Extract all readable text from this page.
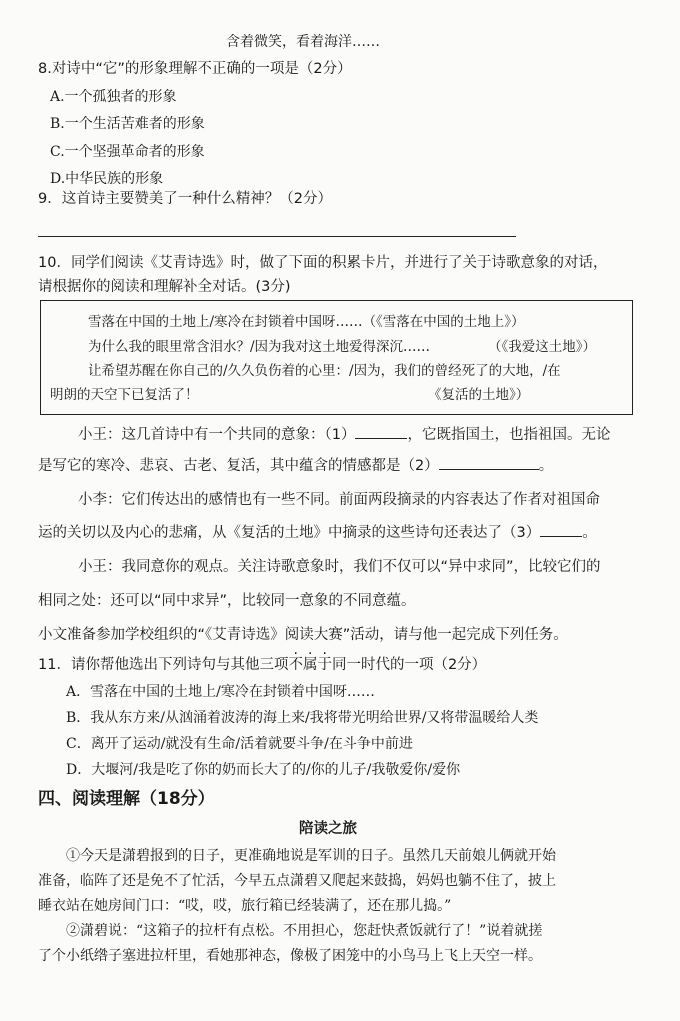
含着微笑，看着海洋……
8.对诗中“它”的形象理解不正确的一项是（2分）
A.一个孤独者的形象
B.一个生活苦难者的形象
C.一个坚强革命者的形象
D.中华民族的形象
9．这首诗主要赞美了一种什么精神？（2分）
10．同学们阅读《艾青诗选》时，做了下面的积累卡片，并进行了关于诗歌意象的对话，
请根据你的阅读和理解补全对话。(3分)
雪落在中国的土地上/寒冷在封锁着中国呀……（《雪落在中国的土地上》）
为什么我的眼里常含泪水？/因为我对这土地爱得深沉……	（《我爱这土地》）
让希望苏醒在你自己的/久久负伤着的心里：/因为，我们的曾经死了的大地，/在
明朗的天空下已复活了！	《复活的土地》）
小王：这几首诗中有一个共同的意象：（1）	，它既指国土，也指祖国。无论
是写它的寒冷、悲哀、古老、复活，其中蕴含的情感都是（2）	。
小李：它们传达出的感情也有一些不同。前面两段摘录的内容表达了作者对祖国命
运的关切以及内心的悲痛，从《复活的土地》中摘录的这些诗句还表达了（3）	。
小王：我同意你的观点。关注诗歌意象时，我们不仅可以“异中求同”，比较它们的
相同之处：还可以“同中求异”，比较同一意象的不同意蕴。
小文准备参加学校组织的“《艾青诗选》阅读大赛”活动，请与他一起完成下列任务。
11．请你帮他选出下列诗句与其他三项不属于同一时代的一项（2分）
A．雪落在中国的土地上/寒冷在封锁着中国呀……
B．我从东方来/从汹涌着波涛的海上来/我将带光明给世界/又将带温暖给人类
C．离开了运动/就没有生命/活着就要斗争/在斗争中前进
D．大堰河/我是吃了你的奶而长大了的/你的儿子/我敬爱你/爱你
四、阅读理解（18分）
陪读之旅
①今天是潇碧报到的日子，更准确地说是军训的日子。虽然几天前娘儿俩就开始
准备，临阵了还是免不了忙活，今早五点潇碧又爬起来鼓捣，妈妈也躺不住了，披上
睡衣站在她房间门口：“哎，哎，旅行箱已经装满了，还在那儿捣。”
②潇碧说：“这箱子的拉杆有点松。不用担心，您赶快煮饭就行了！”说着就搓
了个小纸绺子塞进拉杆里，看她那神态，像极了困笼中的小鸟马上飞上天空一样。
